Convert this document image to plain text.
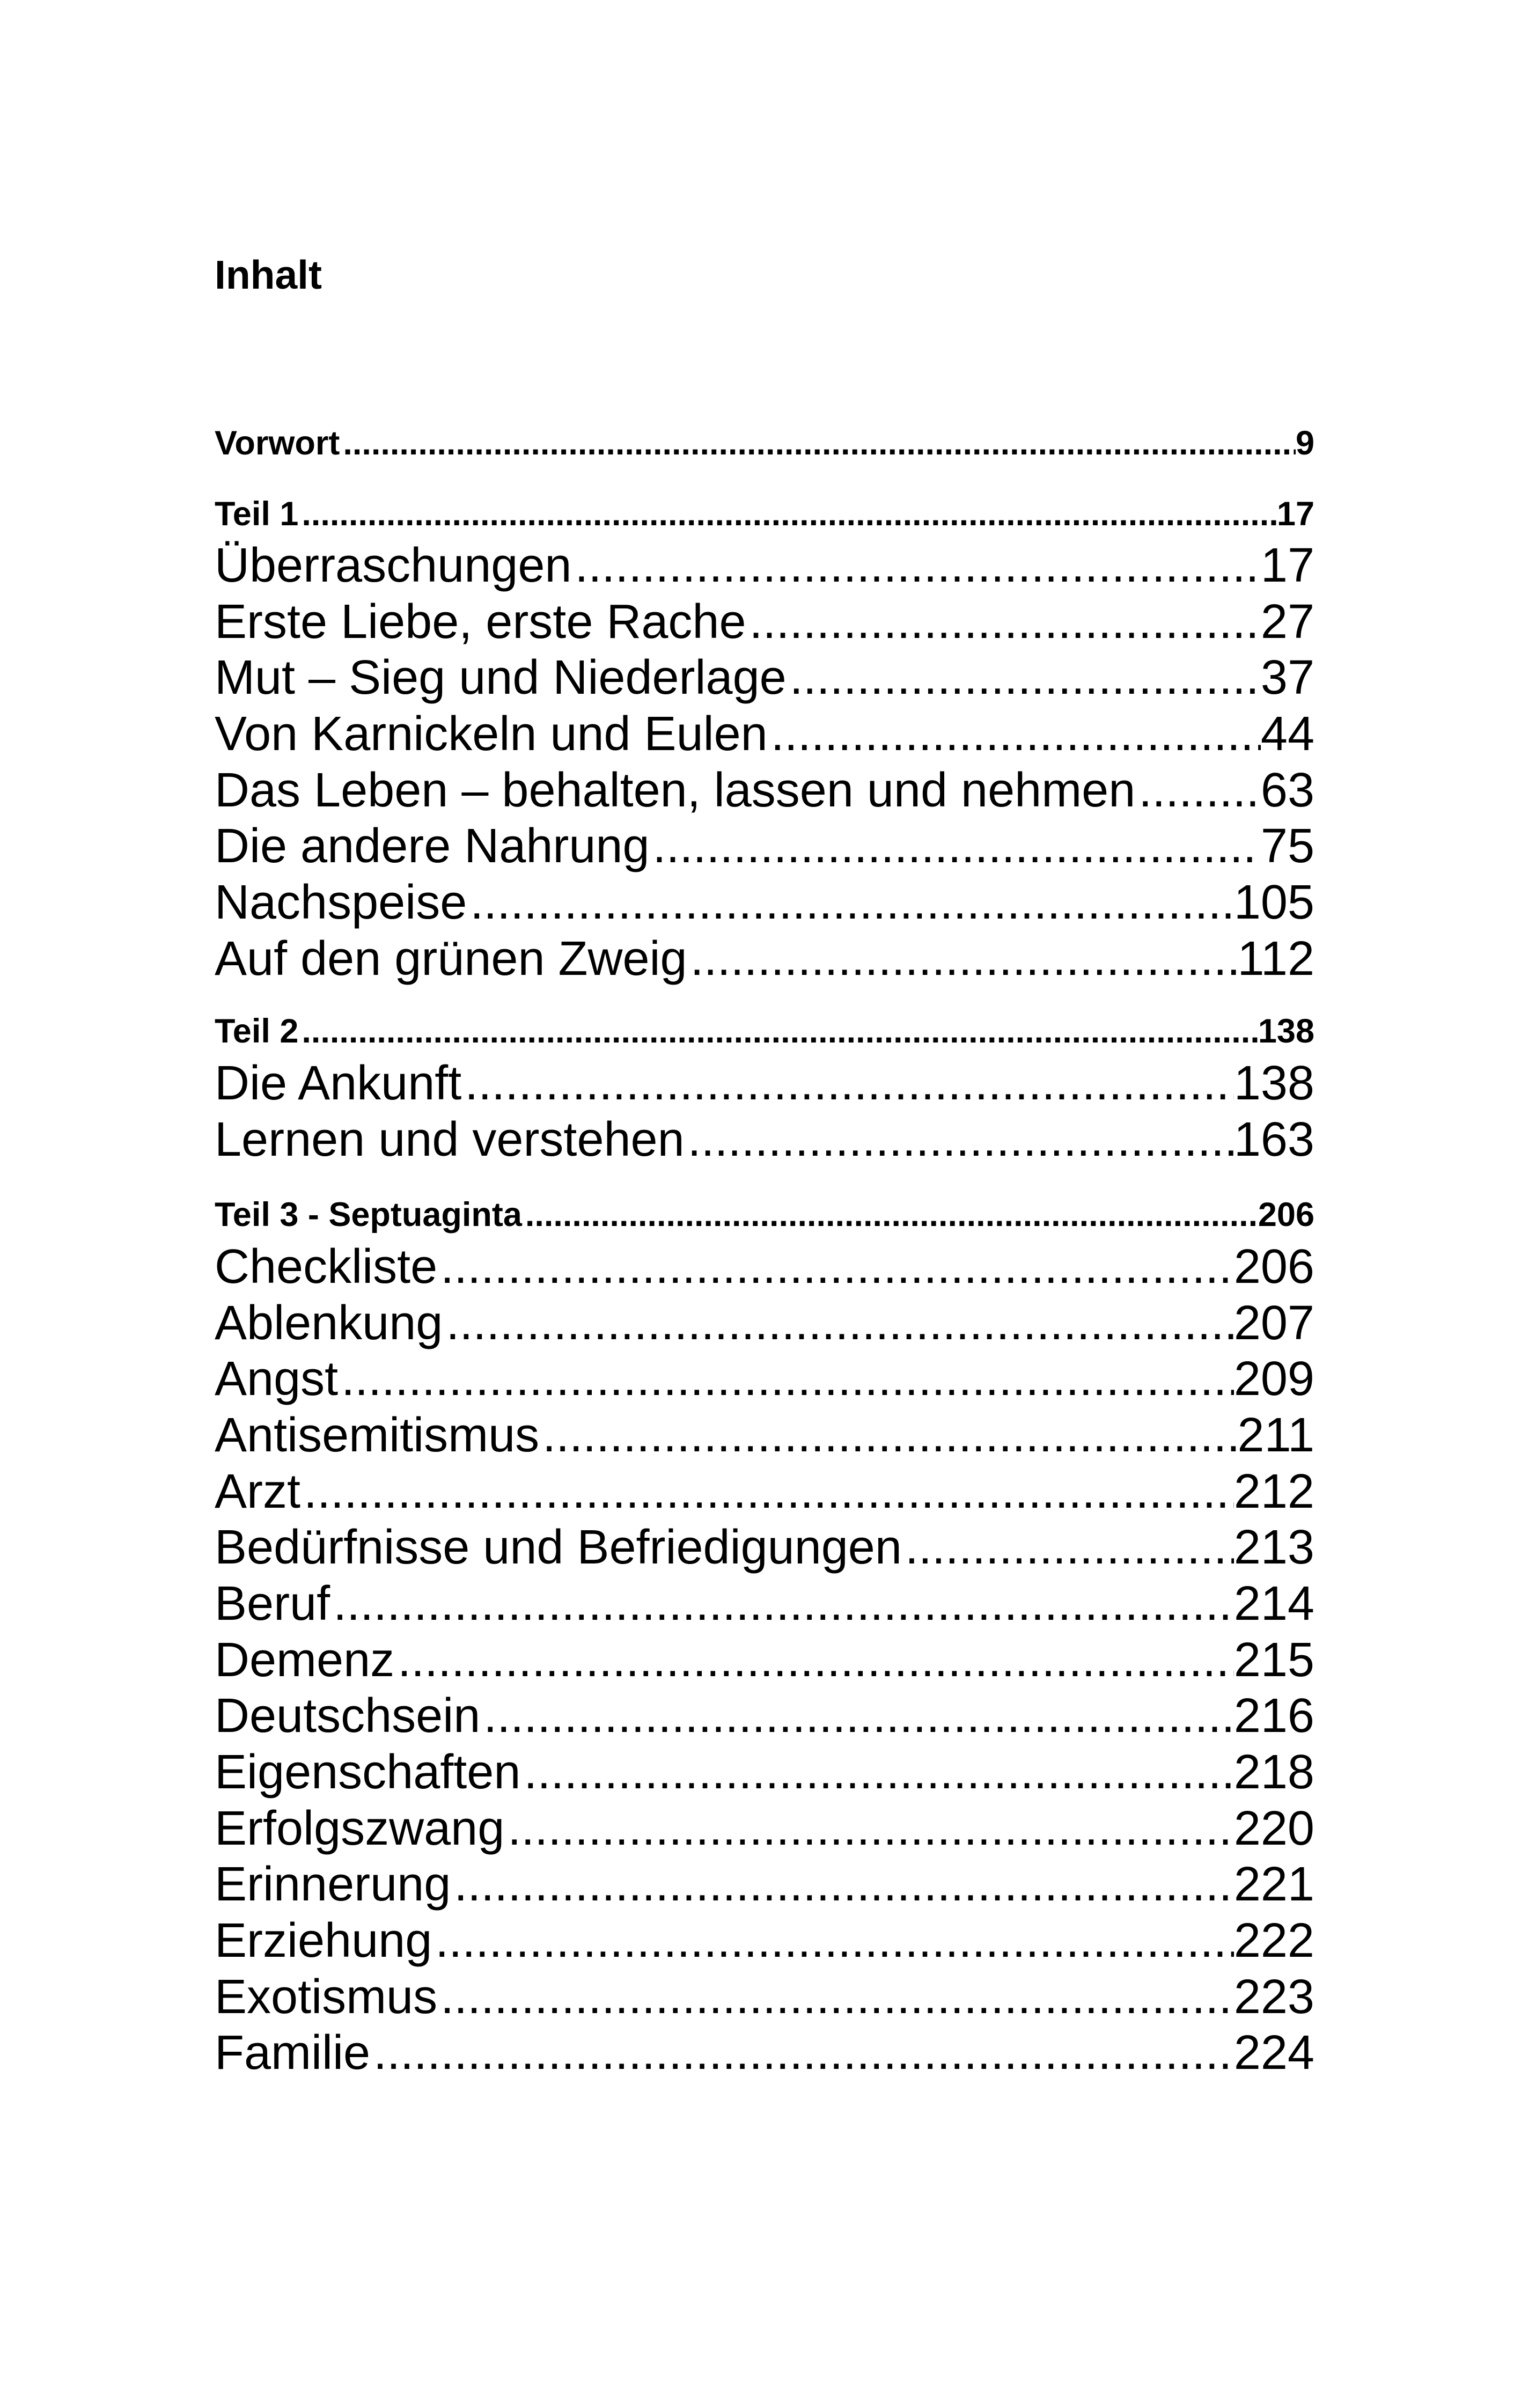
Inhalt
Vorwort .....	9
Teil 1 .....	17
Überraschungen .....	17
Erste Liebe, erste Rache .....	27
Mut – Sieg und Niederlage .....	37
Von Karnickeln und Eulen .....	44
Das Leben – behalten, lassen und nehmen .....	63
Die andere Nahrung .....	75
Nachspeise .....	105
Auf den grünen Zweig .....	112
Teil 2 .....	138
Die Ankunft .....	138
Lernen und verstehen .....	163
Teil 3 - Septuaginta .....	206
Checkliste .....	206
Ablenkung .....	207
Angst .....	209
Antisemitismus .....	211
Arzt .....	212
Bedürfnisse und Befriedigungen .....	213
Beruf .....	214
Demenz .....	215
Deutschsein .....	216
Eigenschaften .....	218
Erfolgszwang .....	220
Erinnerung .....	221
Erziehung .....	222
Exotismus .....	223
Familie .....	224
